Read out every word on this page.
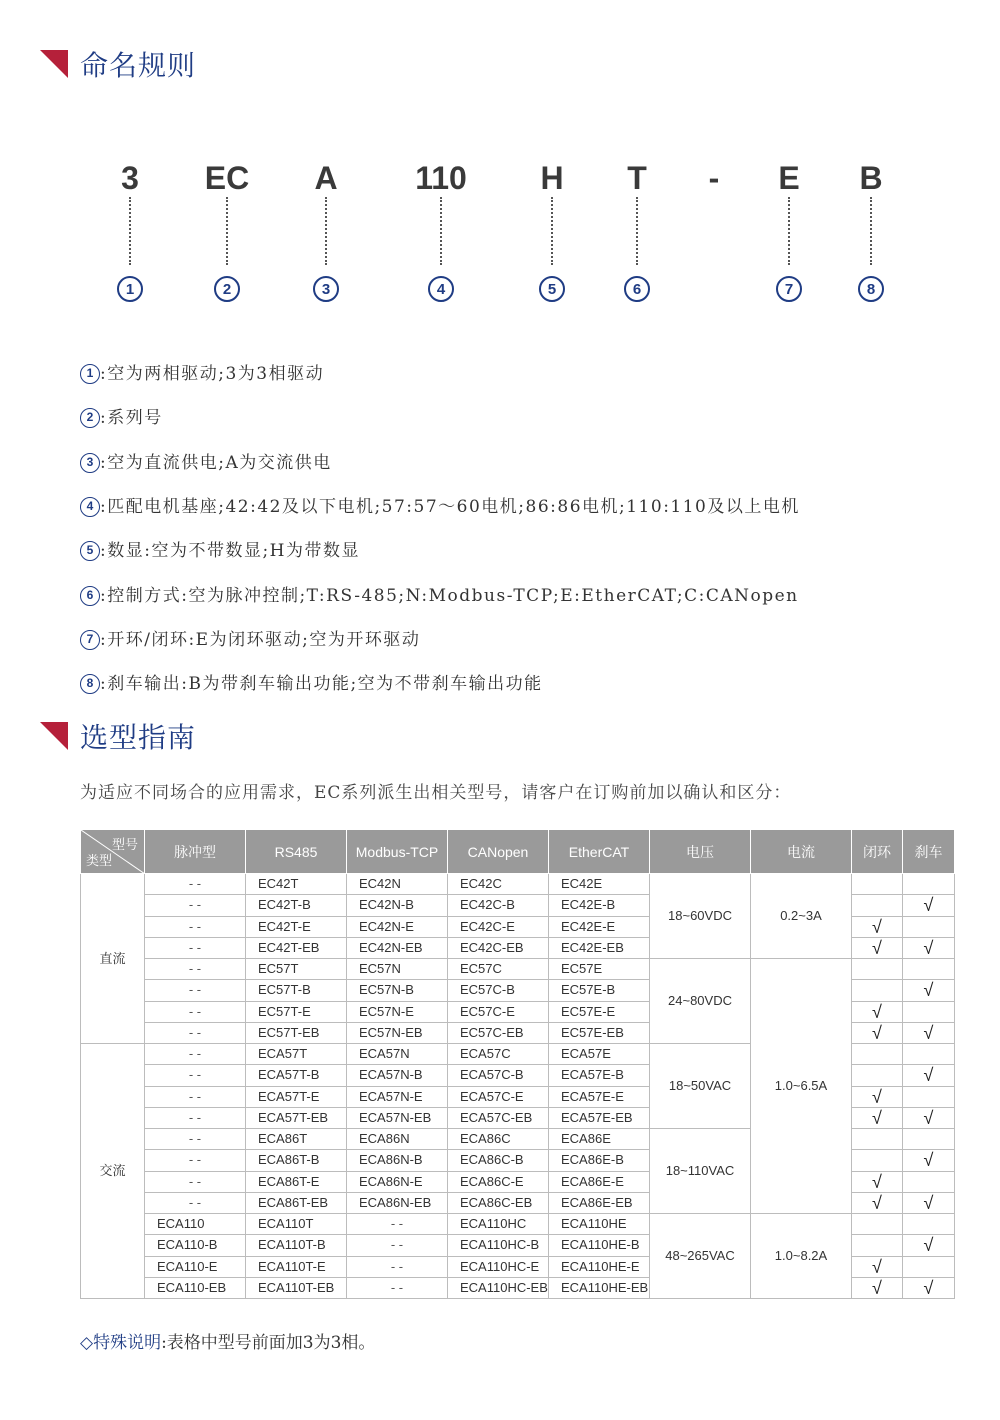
命名规则
3 EC A 110 H T - E B
1	2	3	4	5	6	7	8
1 :空为两相驱动;3为3相驱动
2 :系列号
3 :空为直流供电;A为交流供电
4 :匹配电机基座;42:42及以下电机;57:57～60电机;86:86电机;110:110及以上电机
5 :数显:空为不带数显;H为带数显
6 :控制方式:空为脉冲控制;T:RS-485;N:Modbus-TCP;E:EtherCAT;C:CANopen
7 :开环/闭环:E为闭环驱动;空为开环驱动
8 :刹车输出:B为带刹车输出功能;空为不带刹车输出功能
选型指南
为适应不同场合的应用需求，EC系列派生出相关型号，请客户在订购前加以确认和区分：
型号
类型	脉冲型	RS485	Modbus-TCP	CANopen	EtherCAT	电压	电流	闭环	刹车
直流	- -	EC42T	EC42N	EC42C	EC42E	18~60VDC	0.2~3A		
	- -	EC42T-B	EC42N-B	EC42C-B	EC42E-B				√
	- -	EC42T-E	EC42N-E	EC42C-E	EC42E-E			√	
	- -	EC42T-EB	EC42N-EB	EC42C-EB	EC42E-EB			√	√
	- -	EC57T	EC57N	EC57C	EC57E	24~80VDC	1.0~6.5A		
	- -	EC57T-B	EC57N-B	EC57C-B	EC57E-B				√
	- -	EC57T-E	EC57N-E	EC57C-E	EC57E-E			√	
	- -	EC57T-EB	EC57N-EB	EC57C-EB	EC57E-EB			√	√
交流	- -	ECA57T	ECA57N	ECA57C	ECA57E	18~50VAC			
	- -	ECA57T-B	ECA57N-B	ECA57C-B	ECA57E-B				√
	- -	ECA57T-E	ECA57N-E	ECA57C-E	ECA57E-E			√	
	- -	ECA57T-EB	ECA57N-EB	ECA57C-EB	ECA57E-EB			√	√
	- -	ECA86T	ECA86N	ECA86C	ECA86E	18~110VAC			
	- -	ECA86T-B	ECA86N-B	ECA86C-B	ECA86E-B				√
	- -	ECA86T-E	ECA86N-E	ECA86C-E	ECA86E-E			√	
	- -	ECA86T-EB	ECA86N-EB	ECA86C-EB	ECA86E-EB			√	√
	ECA110	ECA110T	- -	ECA110HC	ECA110HE	48~265VAC	1.0~8.2A		
	ECA110-B	ECA110T-B	- -	ECA110HC-B	ECA110HE-B				√
	ECA110-E	ECA110T-E	- -	ECA110HC-E	ECA110HE-E			√	
	ECA110-EB	ECA110T-EB	- -	ECA110HC-EB	ECA110HE-EB			√	√
◇特殊说明:表格中型号前面加3为3相。
